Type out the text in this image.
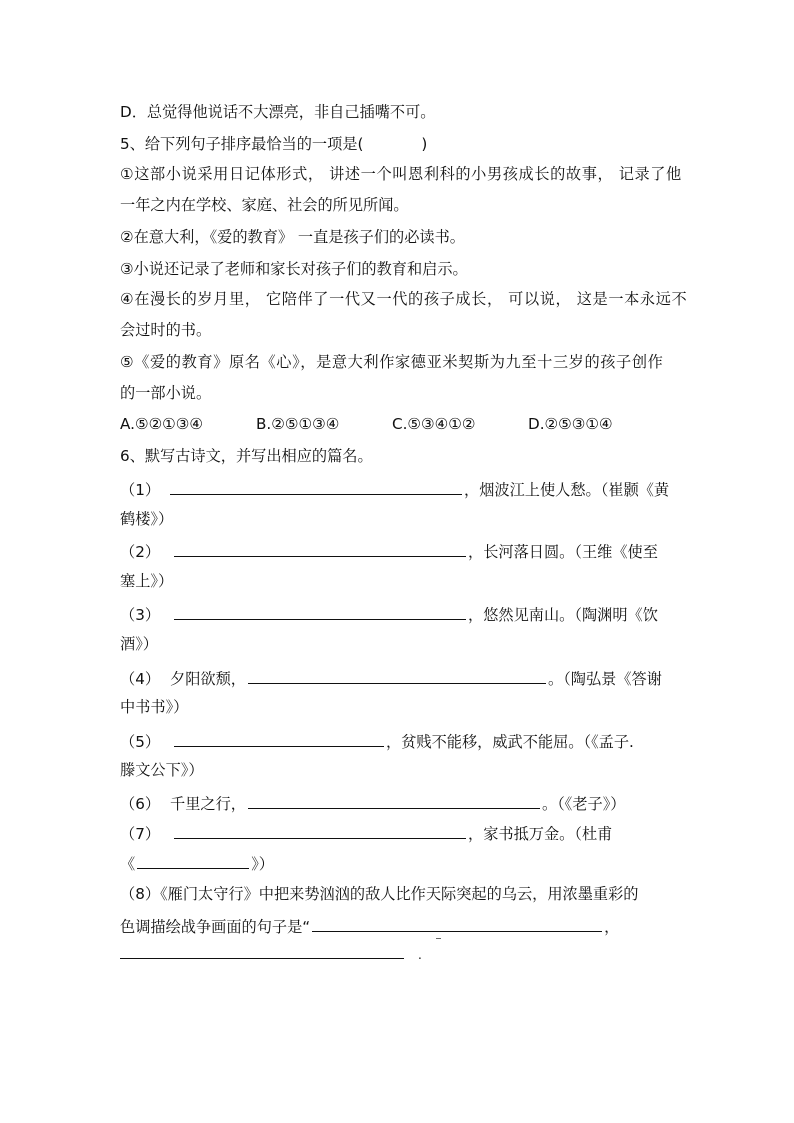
D．总觉得他说话不大漂亮，非自己插嘴不可。
5、给下列句子排序最恰当的一项是(	)
①这部小说采用日记体形式， 讲述一个叫恩利科的小男孩成长的故事， 记录了他
一年之内在学校、家庭、社会的所见所闻。
②在意大利，《爱的教育》 一直是孩子们的必读书。
③小说还记录了老师和家长对孩子们的教育和启示。
④在漫长的岁月里， 它陪伴了一代又一代的孩子成长， 可以说， 这是一本永远不
会过时的书。
⑤《爱的教育》原名《心》，是意大利作家德亚米契斯为九至十三岁的孩子创作
的一部小说。
A.⑤②①③④	B.②⑤①③④	C.⑤③④①②	D.②⑤③①④
6、默写古诗文，并写出相应的篇名。
（1）	，烟波江上使人愁。（崔颢《黄
鹤楼》）
（2）	，长河落日圆。（王维《使至
塞上》）
（3）	，悠然见南山。（陶渊明《饮
酒》）
（4） 夕阳欲颓，	。（陶弘景《答谢
中书书》）
（5）	，贫贱不能移，威武不能屈。（《孟子.
滕文公下》）
（6） 千里之行，	。（《老子》）
（7）	，家书抵万金。（杜甫
《	》）
（8）《雁门太守行》中把来势汹汹的敌人比作天际突起的乌云，用浓墨重彩的
色调描绘战争画面的句子是“	，
.
